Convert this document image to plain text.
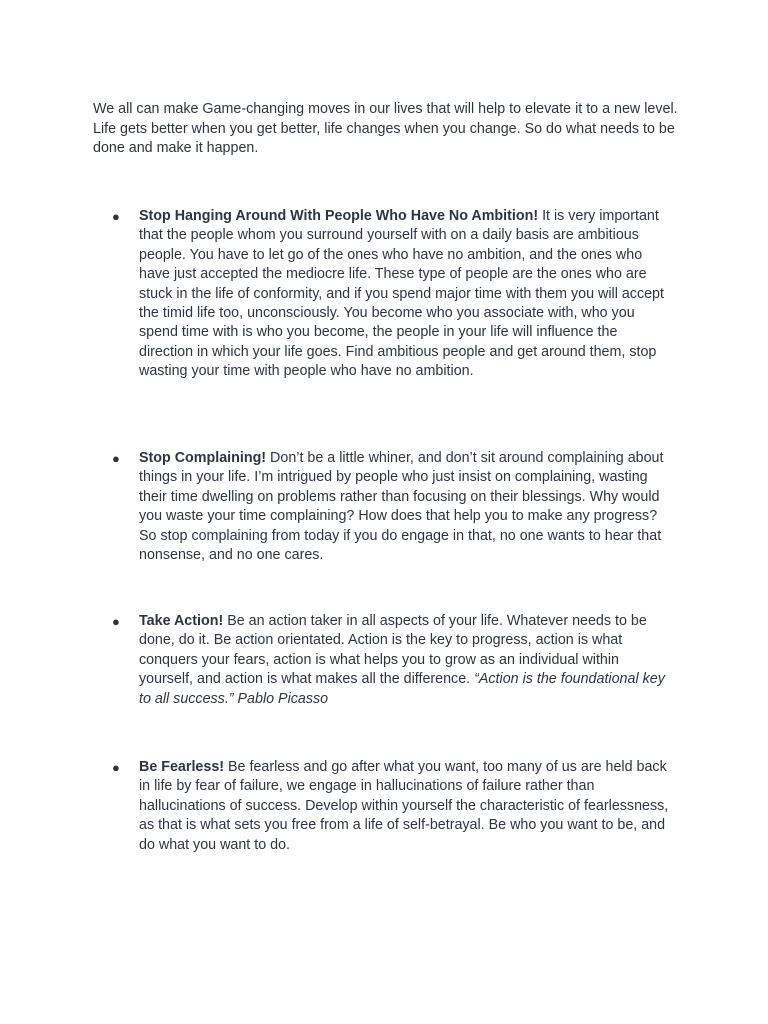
We all can make Game-changing moves in our lives that will help to elevate it to a new level. Life gets better when you get better, life changes when you change. So do what needs to be done and make it happen.

● Stop Hanging Around With People Who Have No Ambition! It is very important that the people whom you surround yourself with on a daily basis are ambitious people. You have to let go of the ones who have no ambition, and the ones who have just accepted the mediocre life. These type of people are the ones who are stuck in the life of conformity, and if you spend major time with them you will accept the timid life too, unconsciously. You become who you associate with, who you spend time with is who you become, the people in your life will influence the direction in which your life goes. Find ambitious people and get around them, stop wasting your time with people who have no ambition.

● Stop Complaining! Don’t be a little whiner, and don’t sit around complaining about things in your life. I’m intrigued by people who just insist on complaining, wasting their time dwelling on problems rather than focusing on their blessings. Why would you waste your time complaining? How does that help you to make any progress? So stop complaining from today if you do engage in that, no one wants to hear that nonsense, and no one cares.

● Take Action! Be an action taker in all aspects of your life. Whatever needs to be done, do it. Be action orientated. Action is the key to progress, action is what conquers your fears, action is what helps you to grow as an individual within yourself, and action is what makes all the difference. “Action is the foundational key to all success.” Pablo Picasso

● Be Fearless! Be fearless and go after what you want, too many of us are held back in life by fear of failure, we engage in hallucinations of failure rather than hallucinations of success. Develop within yourself the characteristic of fearlessness, as that is what sets you free from a life of self-betrayal. Be who you want to be, and do what you want to do.
